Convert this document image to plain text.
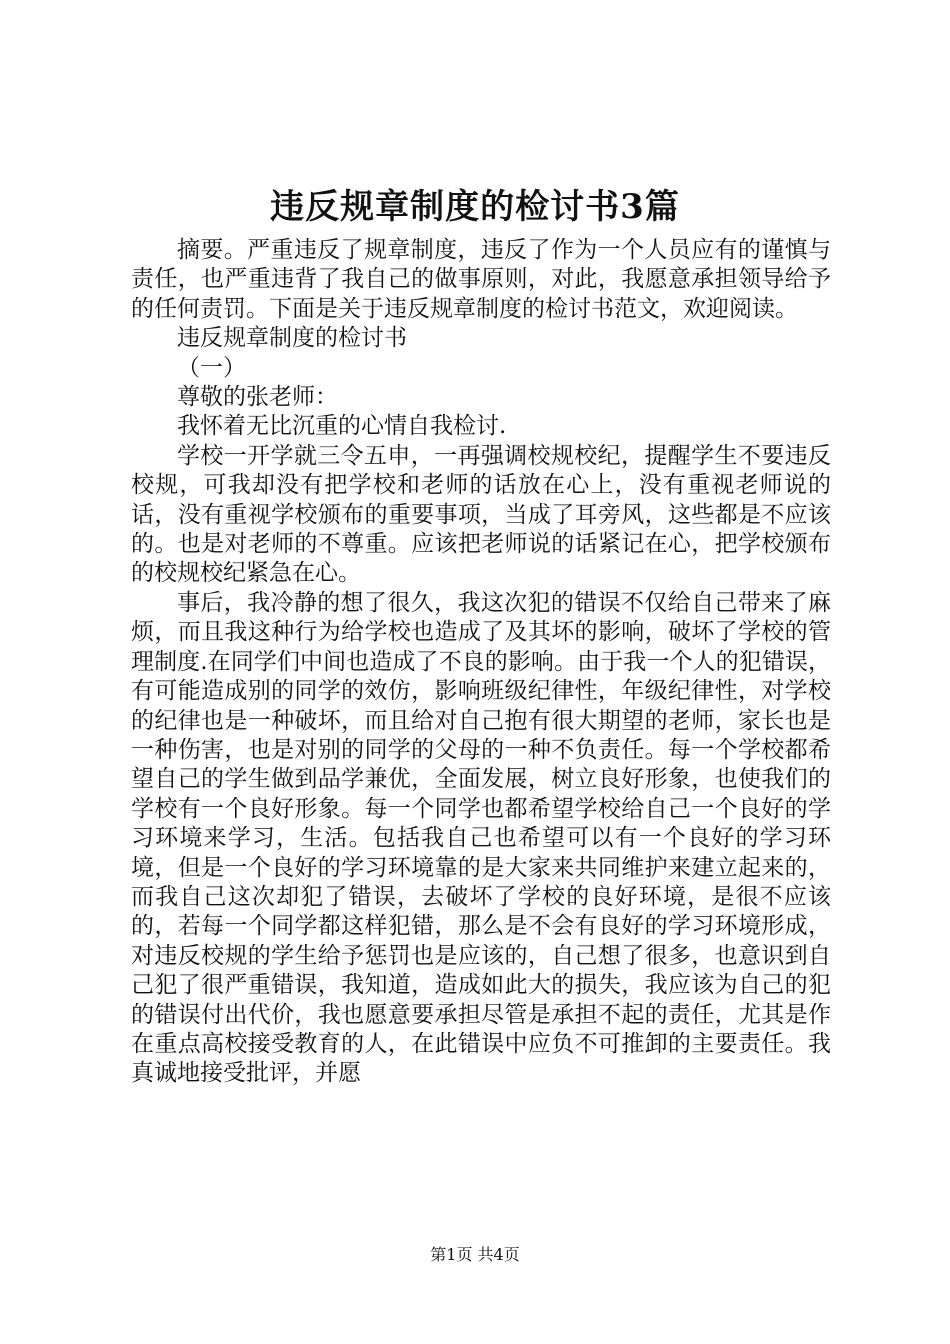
违反规章制度的检讨书3篇

摘要。严重违反了规章制度，违反了作为一个人员应有的谨慎与责任，也严重违背了我自己的做事原则，对此，我愿意承担领导给予的任何责罚。下面是关于违反规章制度的检讨书范文，欢迎阅读。

违反规章制度的检讨书

（一）

尊敬的张老师：

我怀着无比沉重的心情自我检讨.

学校一开学就三令五申，一再强调校规校纪，提醒学生不要违反校规，可我却没有把学校和老师的话放在心上，没有重视老师说的话，没有重视学校颁布的重要事项，当成了耳旁风，这些都是不应该的。也是对老师的不尊重。应该把老师说的话紧记在心，把学校颁布的校规校纪紧急在心。

事后，我冷静的想了很久，我这次犯的错误不仅给自己带来了麻烦，而且我这种行为给学校也造成了及其坏的影响，破坏了学校的管理制度.在同学们中间也造成了不良的影响。由于我一个人的犯错误，有可能造成别的同学的效仿，影响班级纪律性，年级纪律性，对学校的纪律也是一种破坏，而且给对自己抱有很大期望的老师，家长也是一种伤害，也是对别的同学的父母的一种不负责任。每一个学校都希望自己的学生做到品学兼优，全面发展，树立良好形象，也使我们的学校有一个良好形象。每一个同学也都希望学校给自己一个良好的学习环境来学习，生活。包括我自己也希望可以有一个良好的学习环境，但是一个良好的学习环境靠的是大家来共同维护来建立起来的，而我自己这次却犯了错误，去破坏了学校的良好环境，是很不应该的，若每一个同学都这样犯错，那么是不会有良好的学习环境形成，对违反校规的学生给予惩罚也是应该的，自己想了很多，也意识到自己犯了很严重错误，我知道，造成如此大的损失，我应该为自己的犯的错误付出代价，我也愿意要承担尽管是承担不起的责任，尤其是作在重点高校接受教育的人，在此错误中应负不可推卸的主要责任。我真诚地接受批评，并愿

第1页 共4页
